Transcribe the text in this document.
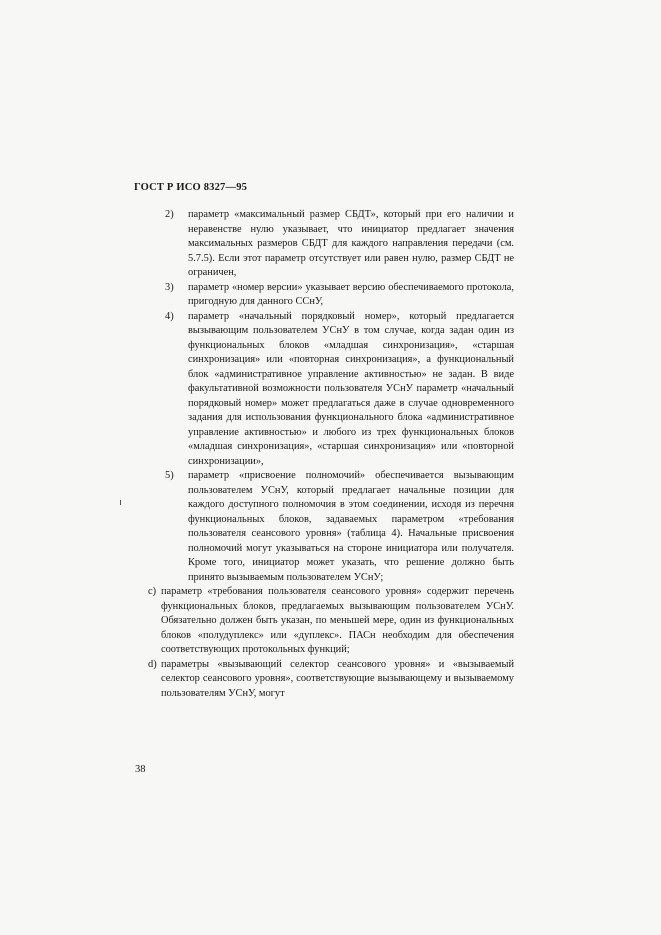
ГОСТ Р ИСО 8327—95
2)	параметр «максимальный размер СБДТ», который при его наличии и неравенстве нулю указывает, что инициатор предлагает значения максимальных размеров СБДТ для каждого направления передачи (см. 5.7.5). Если этот параметр отсутствует или равен нулю, размер СБДТ не ограничен,
3)	параметр «номер версии» указывает версию обеспечиваемого протокола, пригодную для данного ССнУ,
4)	параметр «начальный порядковый номер», который предлагается вызывающим пользователем УСнУ в том случае, когда задан один из функциональных блоков «младшая синхронизация», «старшая синхронизация» или «повторная синхронизация», а функциональный блок «административное управление активностью» не задан. В виде факультативной возможности пользователя УСнУ параметр «начальный порядковый номер» может предлагаться даже в случае одновременного задания для использования функционального блока «административное управление активностью» и любого из трех функциональных блоков «младшая синхронизация», «старшая синхронизация» или «повторной синхронизации»,
5)	параметр «присвоение полномочий» обеспечивается вызывающим пользователем УСнУ, который предлагает начальные позиции для каждого доступного полномочия в этом соединении, исходя из перечня функциональных блоков, задаваемых параметром «требования пользователя сеансового уровня» (таблица 4). Начальные присвоения полномочий могут указываться на стороне инициатора или получателя. Кроме того, инициатор может указать, что решение должно быть принято вызываемым пользователем УСнУ;
с) параметр «требования пользователя сеансового уровня» содержит перечень функциональных блоков, предлагаемых вызывающим пользователем УСнУ. Обязательно должен быть указан, по меньшей мере, один из функциональных блоков «полудуплекс» или «дуплекс». ПАСн необходим для обеспечения соответствующих протокольных функций;
d) параметры «вызывающий селектор сеансового уровня» и «вызываемый селектор сеансового уровня», соответствующие вызывающему и вызываемому пользователям УСнУ, могут
38
